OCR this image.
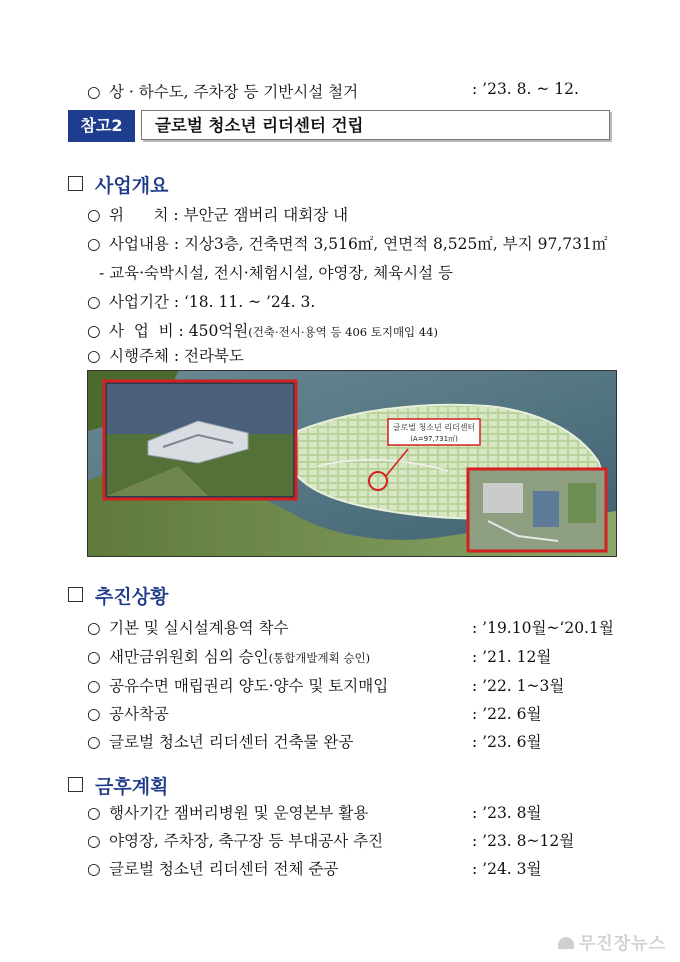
○ 상 · 하수도, 주차장 등 기반시설 철거	: ’23. 8. ~ 12.
참고2	글로벌 청소년 리더센터 건립
사업개요
○ 위      치 : 부안군 잼버리 대회장 내
○ 사업내용 : 지상3층, 건축면적 3,516㎡, 연면적 8,525㎡, 부지 97,731㎡
- 교육·숙박시설, 전시·체험시설, 야영장, 체육시설 등
○ 사업기간 : ‘18. 11. ~ ’24. 3.
○ 사  업  비 : 450억원(건축·전시·용역 등 406 토지매입 44)
○ 시행주체 : 전라북도
글로벌 청소년 리더센터
(A=97,731㎡)
추진상황
○ 기본 및 실시설계용역 착수	: ’19.10월~‘20.1월
○ 새만금위원회 심의 승인(통합개발계획 승인)	: ’21. 12월
○ 공유수면 매립권리 양도·양수 및 토지매입	: ’22. 1~3월
○ 공사착공	: ’22. 6월
○ 글로벌 청소년 리더센터 건축물 완공	: ’23. 6월
금후계획
○ 행사기간 잼버리병원 및 운영본부 활용	: ’23. 8월
○ 야영장, 주차장, 축구장 등 부대공사 추진	: ’23. 8~12월
○ 글로벌 청소년 리더센터 전체 준공	: ’24. 3월
무진장뉴스
